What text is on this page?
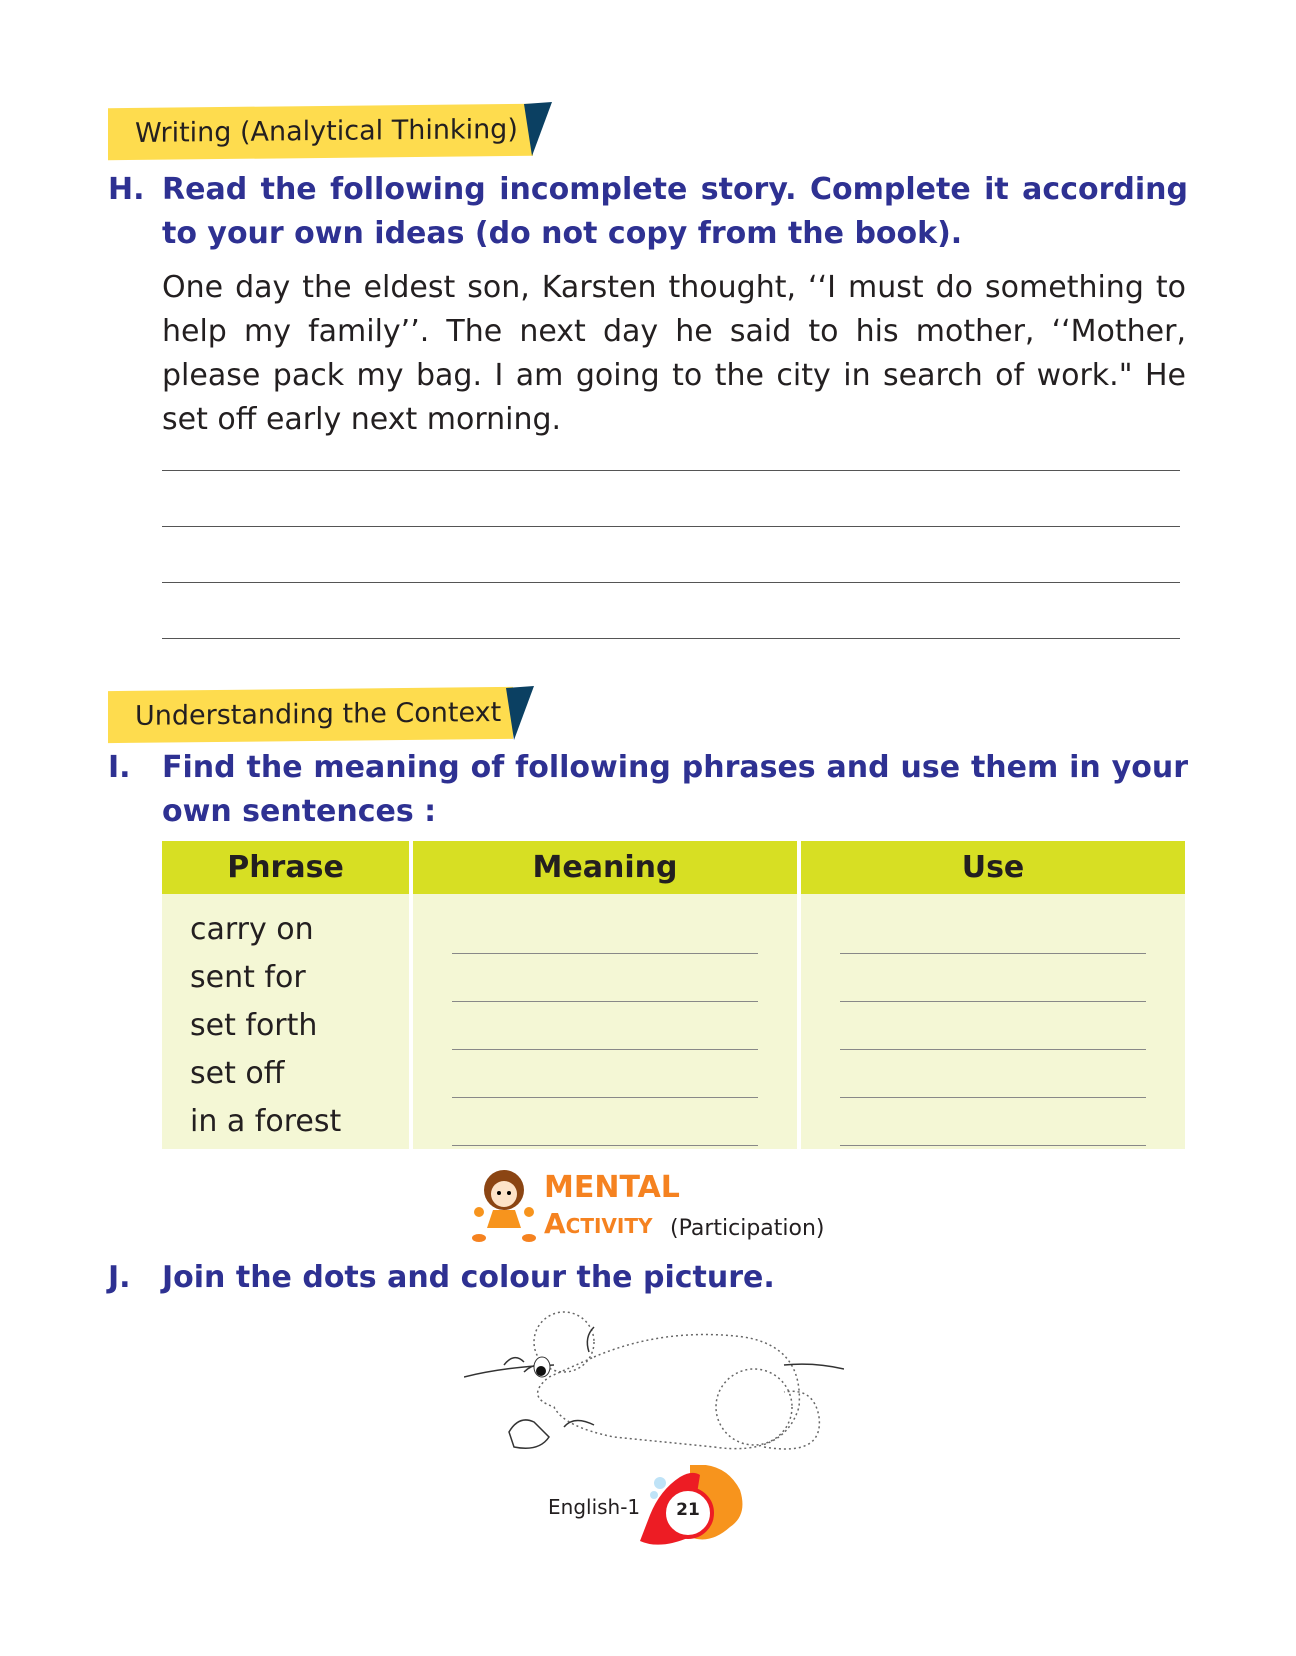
Writing (Analytical Thinking)
H. Read the following incomplete story. Complete it according to your own ideas (do not copy from the book).
One day the eldest son, Karsten thought, ‘‘I must do something to help my family’’. The next day he said to his mother, ‘‘Mother, please pack my bag. I am going to the city in search of work." He set off early next morning.
Understanding the Context
I. Find the meaning of following phrases and use them in your own sentences :
Phrase	Meaning	Use

carry on
sent for
set forth
set off
in a forest		

MENTAL
Activity (Participation)
J. Join the dots and colour the picture.
English-1	21
